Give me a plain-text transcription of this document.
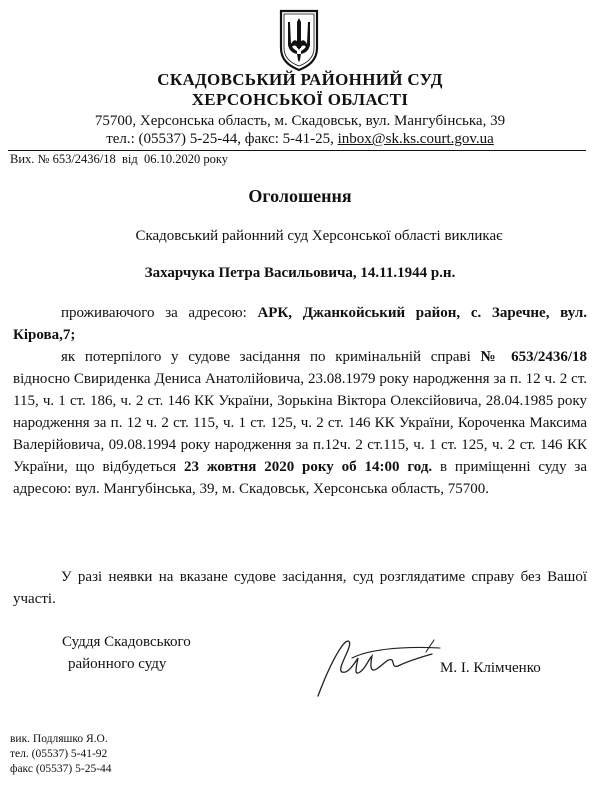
СКАДОВСЬКИЙ РАЙОННИЙ СУД
ХЕРСОНСЬКОЇ ОБЛАСТІ
75700, Херсонська область, м. Скадовськ, вул. Мангубінська, 39
тел.: (05537) 5-25-44, факс: 5-41-25, inbox@sk.ks.court.gov.ua
Вих. № 653/2436/18 від 06.10.2020 року
Оголошення
Скадовський районний суд Херсонської області викликає
Захарчука Петра Васильовича, 14.11.1944 р.н.
проживаючого за адресою: АРК, Джанкойський район, с. Заречне, вул. Кірова,7;
як потерпілого у судове засідання по кримінальній справі № 653/2436/18 відносно Свириденка Дениса Анатолійовича, 23.08.1979 року народження за п. 12 ч. 2 ст. 115, ч. 1 ст. 186, ч. 2 ст. 146 КК України, Зорькіна Віктора Олексійовича, 28.04.1985 року народження за п. 12 ч. 2 ст. 115, ч. 1 ст. 125, ч. 2 ст. 146 КК України, Короченка Максима Валерійовича, 09.08.1994 року народження за п.12ч. 2 ст.115, ч. 1 ст. 125, ч. 2 ст. 146 КК України, що відбудеться 23 жовтня 2020 року об 14:00 год. в приміщенні суду за адресою: вул. Мангубінська, 39, м. Скадовськ, Херсонська область, 75700.
У разі неявки на вказане судове засідання, суд розглядатиме справу без Вашої участі.
Суддя Скадовського
районного суду	М. І. Клімченко
вик. Подляшко Я.О.
тел. (05537) 5-41-92
факс (05537) 5-25-44
